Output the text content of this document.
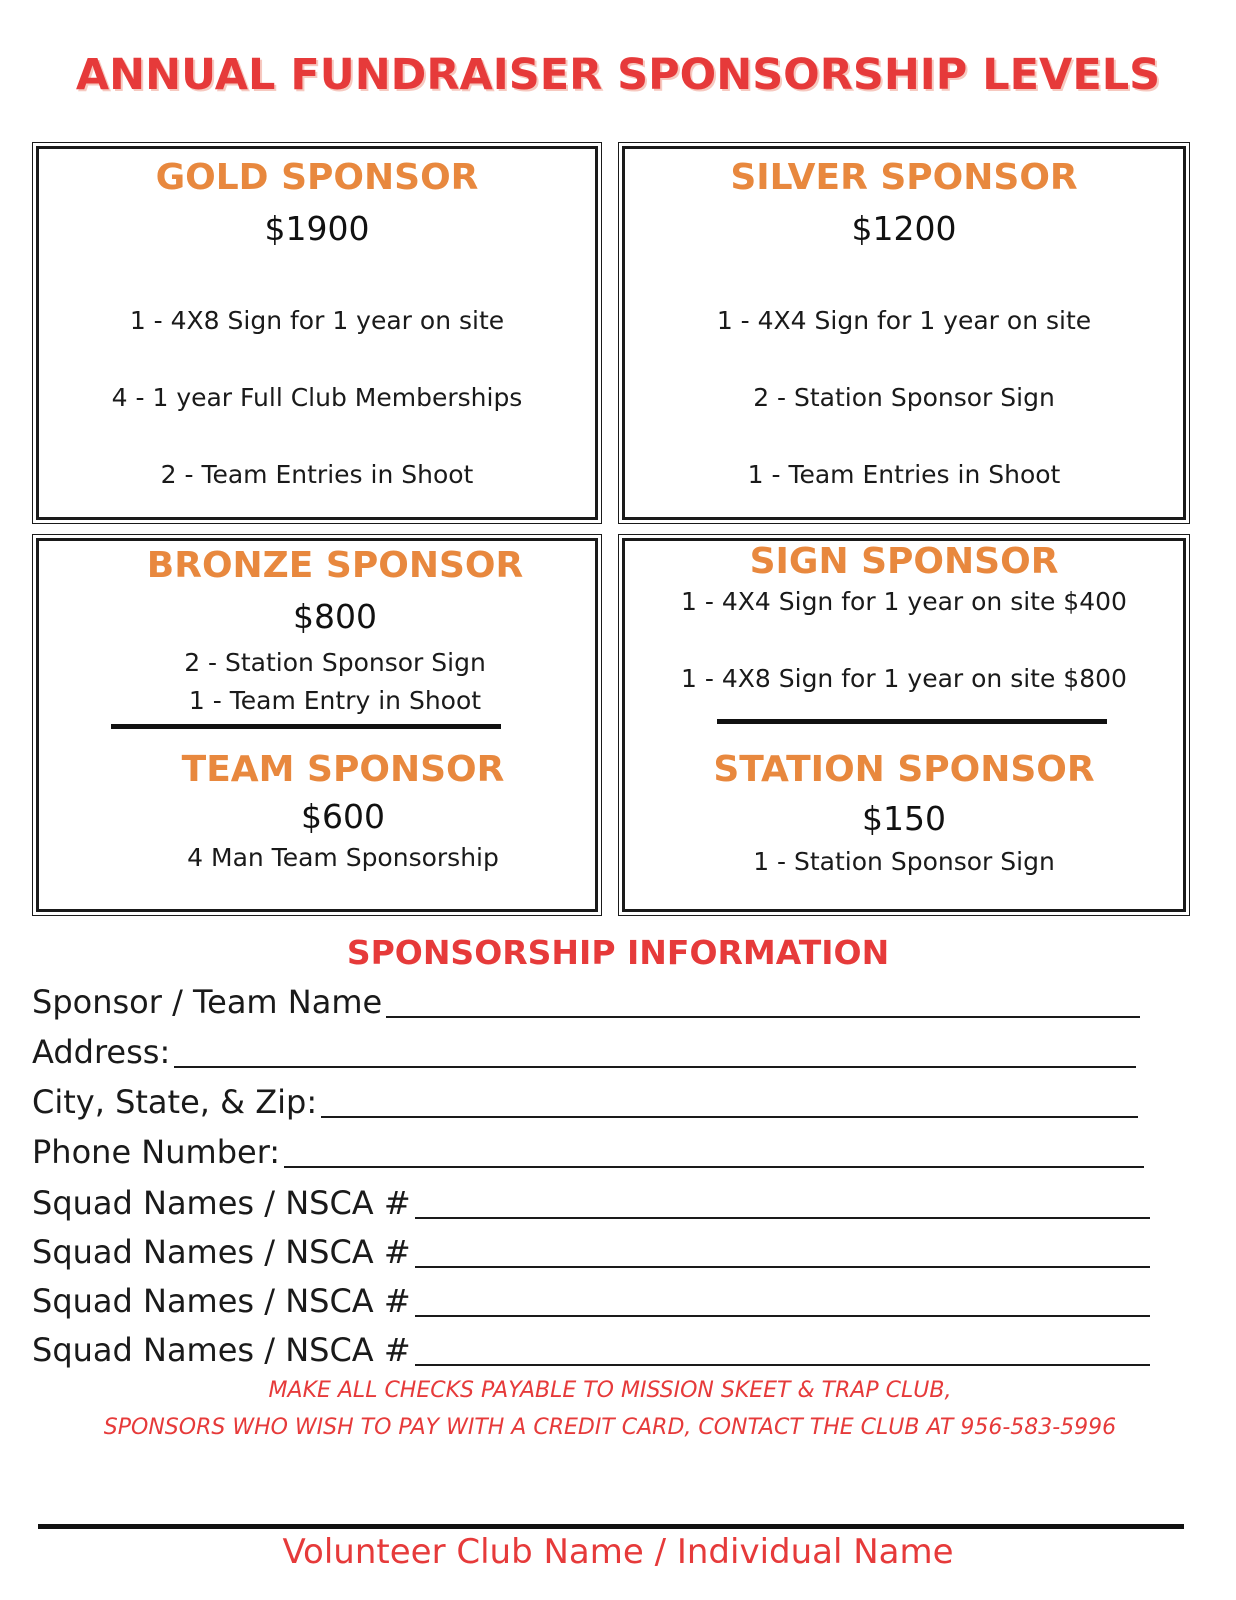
ANNUAL FUNDRAISER SPONSORSHIP LEVELS
GOLD SPONSOR
$1900
1 - 4X8 Sign for 1 year on site
4 - 1 year Full Club Memberships
2 - Team Entries in Shoot
SILVER SPONSOR
$1200
1 - 4X4 Sign for 1 year on site
2 - Station Sponsor Sign
1 - Team Entries in Shoot
BRONZE SPONSOR
$800
2 - Station Sponsor Sign
1 - Team Entry in Shoot
TEAM SPONSOR
$600
4 Man Team Sponsorship
SIGN SPONSOR
1 - 4X4 Sign for 1 year on site $400
1 - 4X8 Sign for 1 year on site $800
STATION SPONSOR
$150
1 - Station Sponsor Sign
SPONSORSHIP INFORMATION
Sponsor / Team Name
Address:
City, State, & Zip:
Phone Number:
Squad Names / NSCA #
Squad Names / NSCA #
Squad Names / NSCA #
Squad Names / NSCA #
MAKE ALL CHECKS PAYABLE TO MISSION SKEET & TRAP CLUB,
SPONSORS WHO WISH TO PAY WITH A CREDIT CARD, CONTACT THE CLUB AT 956-583-5996
Volunteer Club Name / Individual Name
